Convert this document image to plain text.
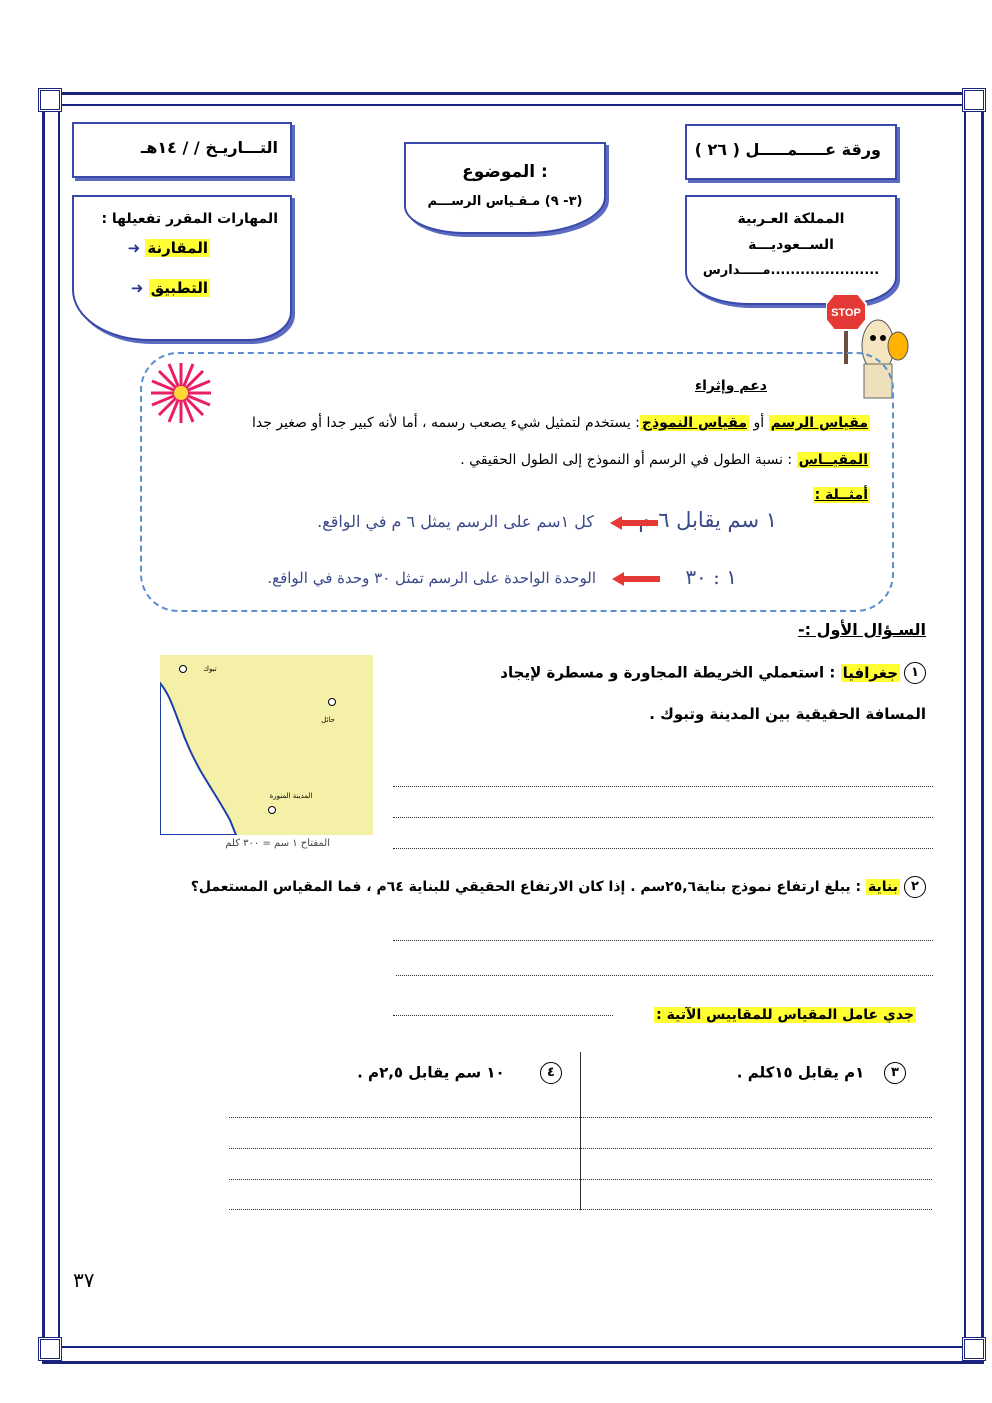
ورقة عـــــمـــــل ( ٢٦ )
التـــاريـخ / / ١٤هـ
الموضوع :
(٣- ٩) مـقـياس الرســـم
المملكة العـربية
الســعوديـــة
مـــــدارس......................
المهارات المقرر تفعيلها :
المقارنة ➜
التطبيق ➜
STOP
دعم وإثراء
مقياس الرسم أو مقياس النموذج: يستخدم لتمثيل شيء يصعب رسمه ، أما لأنه كبير جدا أو صغير جدا
المقيــاس : نسبة الطول في الرسم أو النموذج إلى الطول الحقيقي .
أمثــلة :
١ سم يقابل ٦
كل ١سم على الرسم يمثل ٦ م في الواقع.
١ : ٣٠
الوحدة الواحدة على الرسم تمثل ٣٠ وحدة في الواقع.
السـؤال الأول :-
١جغرافيا : استعملي الخريطة المجاورة و مسطرة لإيجاد
المسافة الحقيقية بين المدينة وتبوك .
تبوك
حائل
المدينة المنورة
المفتاح ١ سم = ٣٠٠ كلم
٢بناية : يبلغ ارتفاع نموذج بناية٢٥,٦سم . إذا كان الارتفاع الحقيقي للبناية ٦٤م ، فما المقياس المستعمل؟
جدي عامل المقياس للمقاييس الآتية :
٣   ١م يقابل ١٥كلم .
٤      ١٠ سم يقابل ٢,٥م .
٣٧
